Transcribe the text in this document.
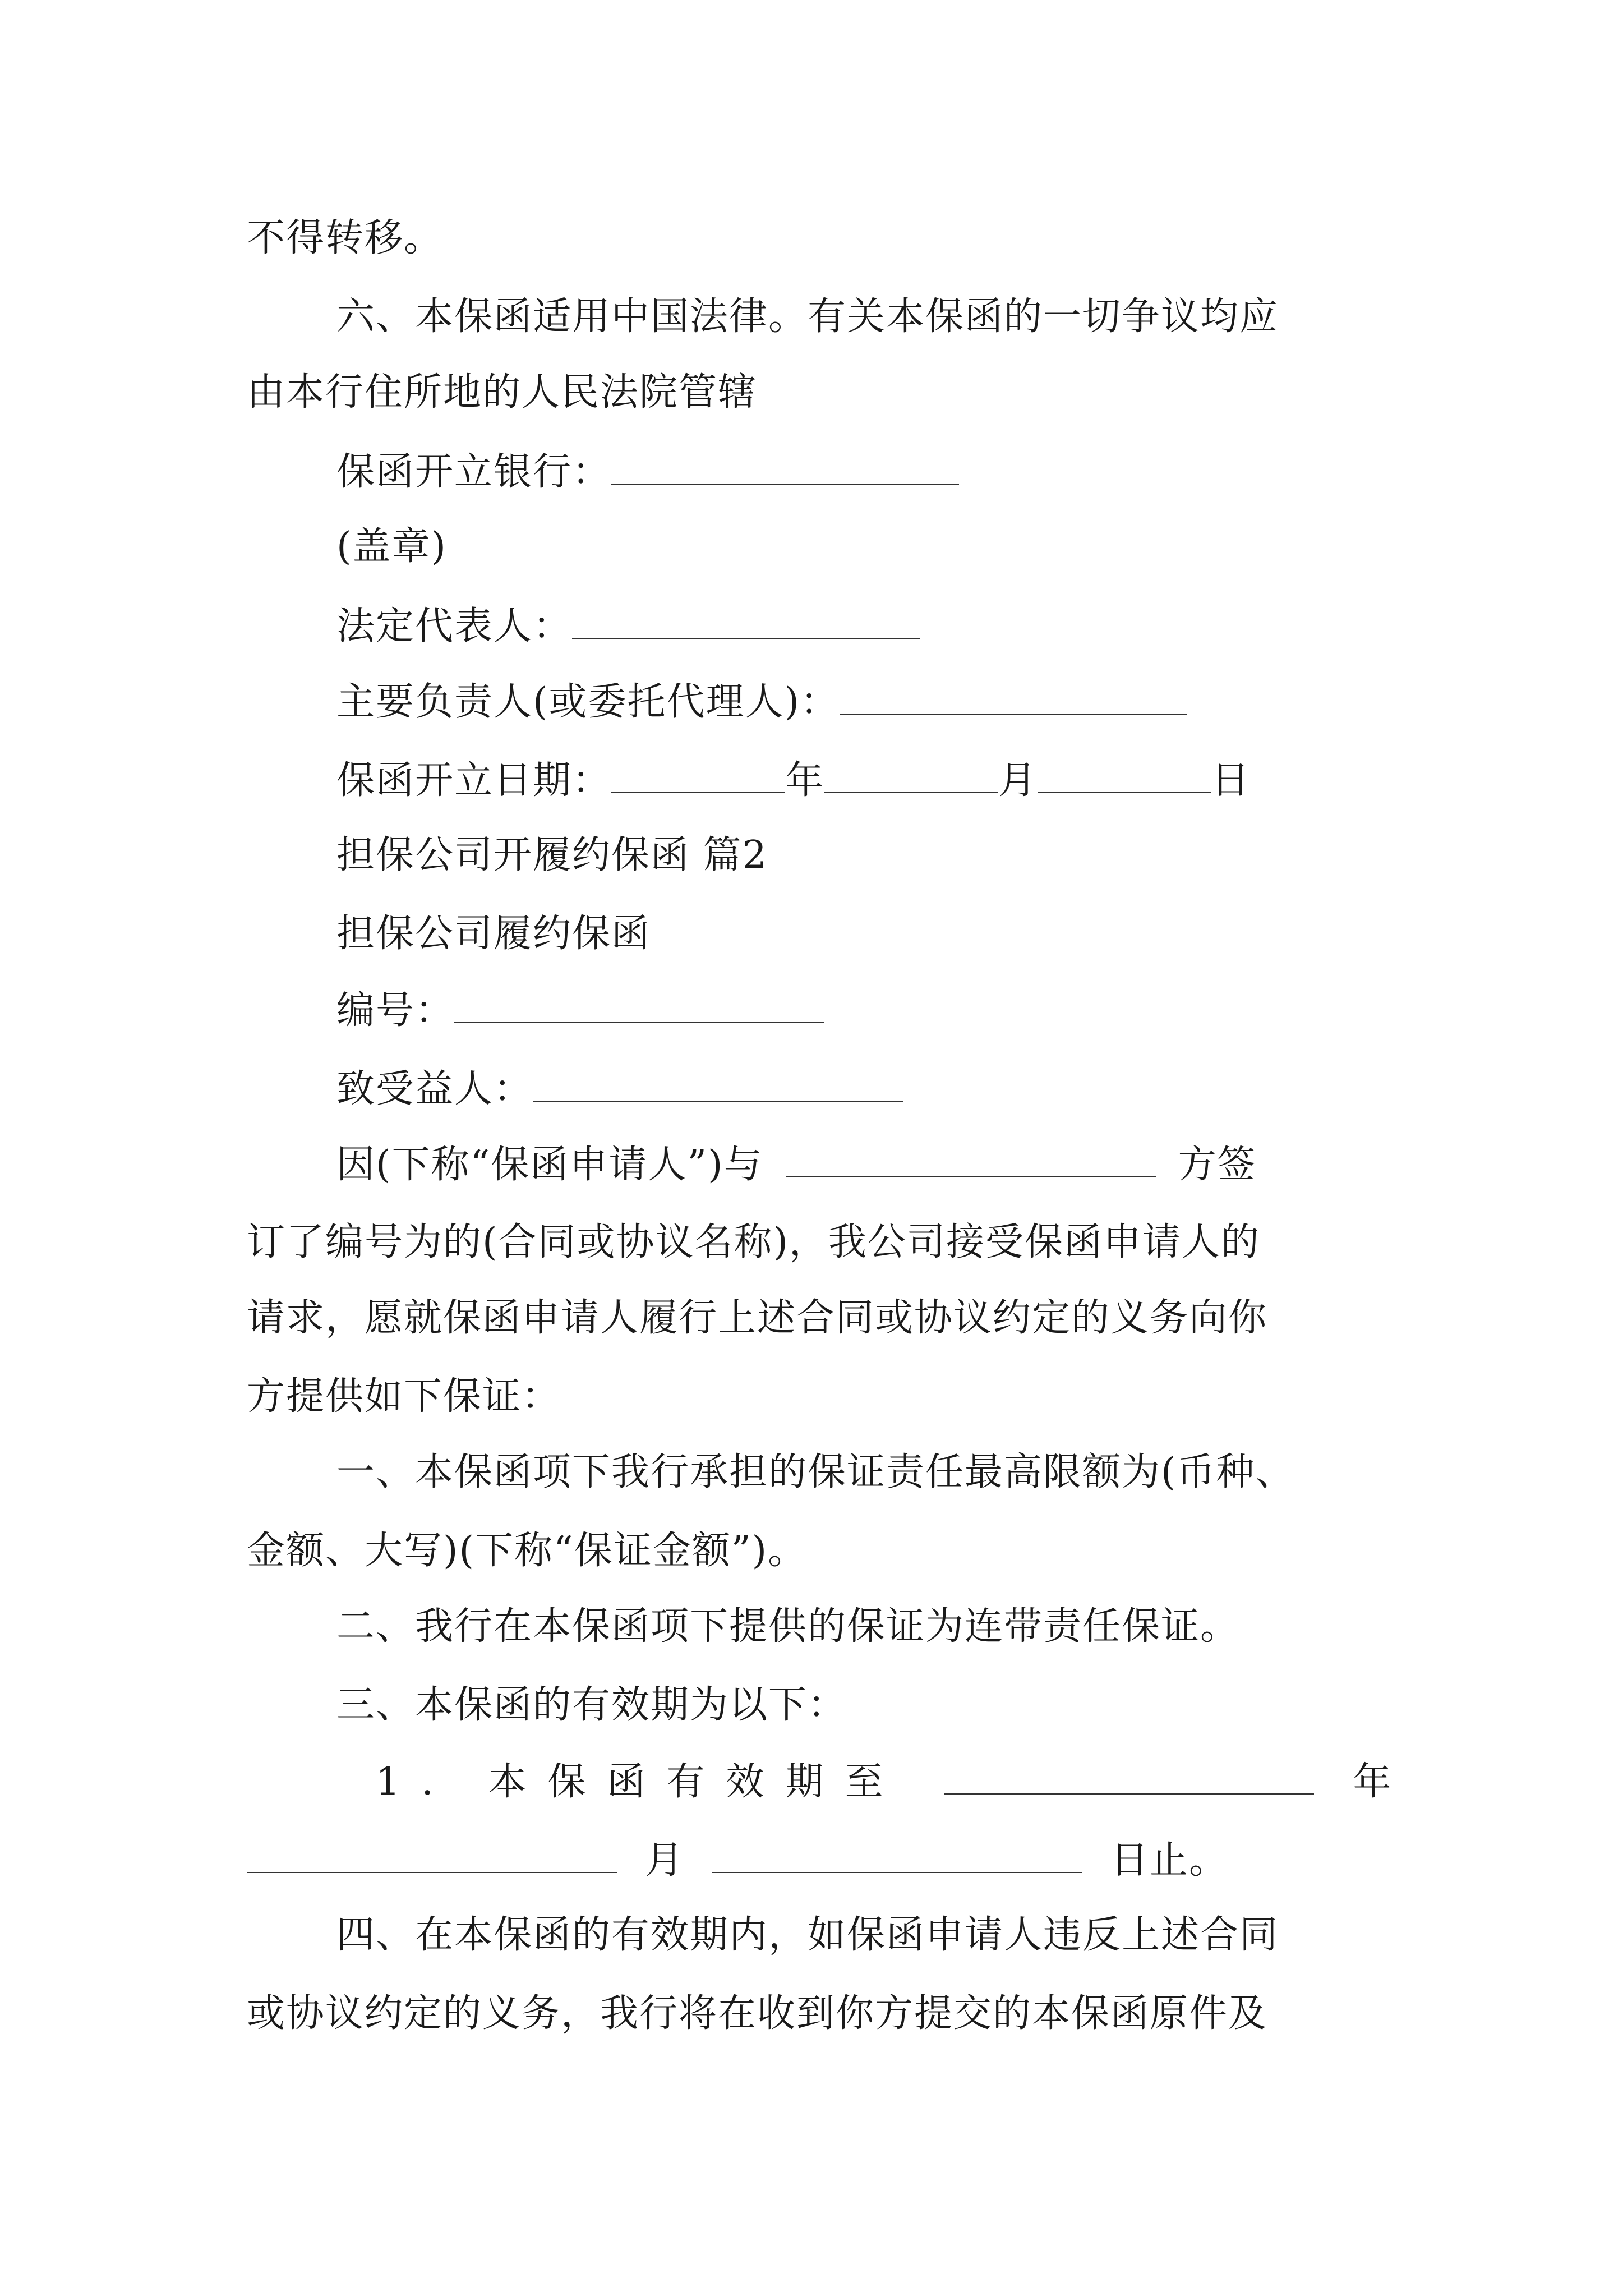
不得转移。
六、本保函适用中国法律。有关本保函的一切争议均应
由本行住所地的人民法院管辖
保函开立银行：
(盖章)
法定代表人：
主要负责人(或委托代理人)：
保函开立日期：	年	月	日
担保公司开履约保函 篇2
担保公司履约保函
编号：
致受益人：
因(下称“保函申请人”)与	方签
订了编号为的(合同或协议名称)，我公司接受保函申请人的
请求，愿就保函申请人履行上述合同或协议约定的义务向你
方提供如下保证：
一、本保函项下我行承担的保证责任最高限额为(币种、
金额、大写)(下称“保证金额”)。
二、我行在本保函项下提供的保证为连带责任保证。
三、本保函的有效期为以下：
1. 本保函有效期至	年
月	日止。
四、在本保函的有效期内，如保函申请人违反上述合同
或协议约定的义务，我行将在收到你方提交的本保函原件及
